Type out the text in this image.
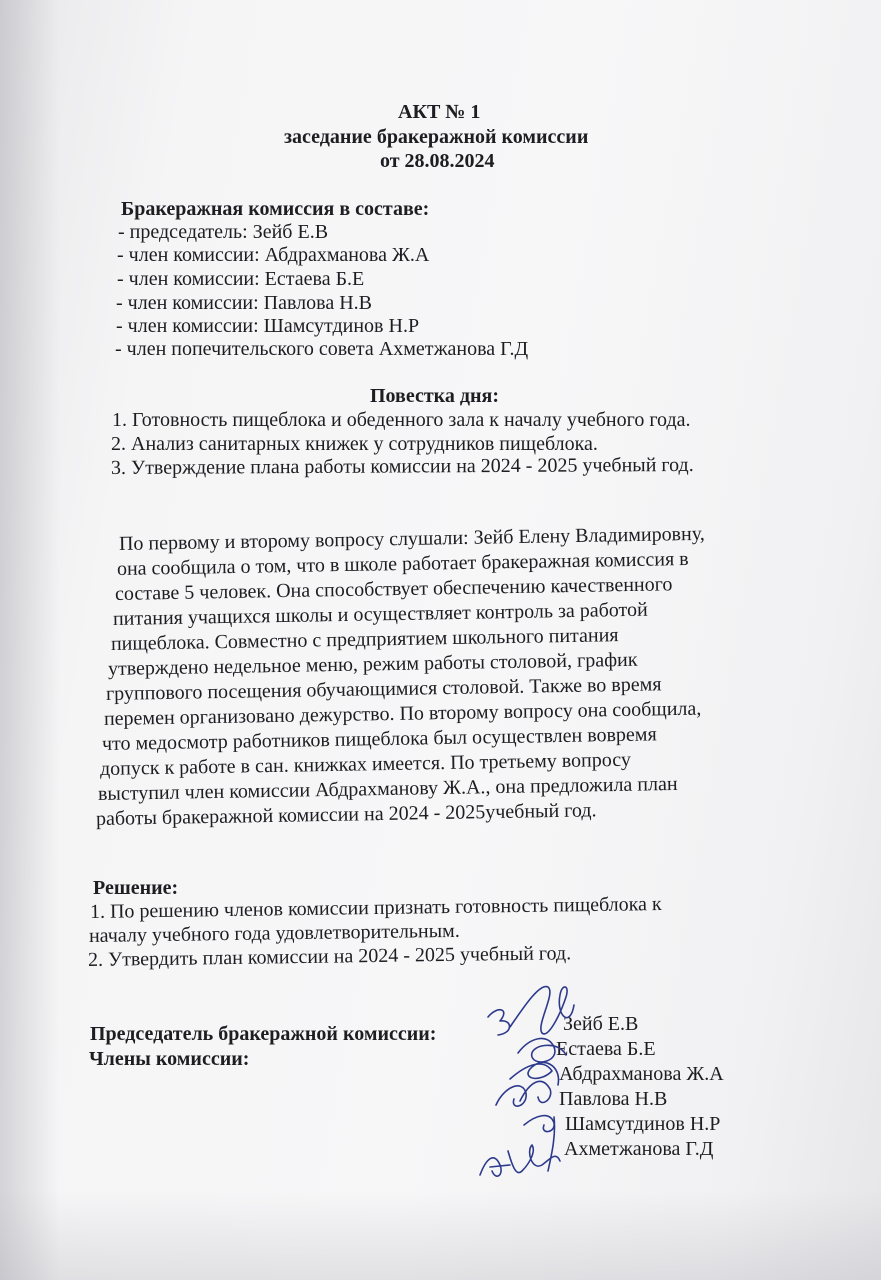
АКТ № 1
заседание бракеражной комиссии
от 28.08.2024
Бракеражная комиссия в составе:
- председатель: Зейб Е.В
- член комиссии: Абдрахманова Ж.А
- член комиссии: Естаева Б.Е
- член комиссии: Павлова Н.В
- член комиссии: Шамсутдинов Н.Р
- член попечительского совета Ахметжанова Г.Д
Повестка дня:
1. Готовность пищеблока и обеденного зала к началу учебного года.
2. Анализ санитарных книжек у сотрудников пищеблока.
3. Утверждение плана работы комиссии на 2024 - 2025 учебный год.
По первому и второму вопросу слушали: Зейб Елену Владимировну,
она сообщила о том, что в школе работает бракеражная комиссия в
составе 5 человек. Она способствует обеспечению качественного
питания учащихся школы и осуществляет контроль за работой
пищеблока. Совместно с предприятием школьного питания
утверждено недельное меню, режим работы столовой, график
группового посещения обучающимися столовой. Также во время
перемен организовано дежурство. По второму вопросу она сообщила,
что медосмотр работников пищеблока был осуществлен вовремя
допуск к работе в сан. книжках имеется. По третьему вопросу
выступил член комиссии Абдрахманову Ж.А., она предложила план
работы бракеражной комиссии на 2024 - 2025учебный год.
Решение:
1. По решению членов комиссии признать готовность пищеблока к
началу учебного года удовлетворительным.
2. Утвердить план комиссии на 2024 - 2025 учебный год.
Председатель бракеражной комиссии:
Члены комиссии:
Зейб Е.В
Естаева Б.Е
Абдрахманова Ж.А
Павлова Н.В
Шамсутдинов Н.Р
Ахметжанова Г.Д
